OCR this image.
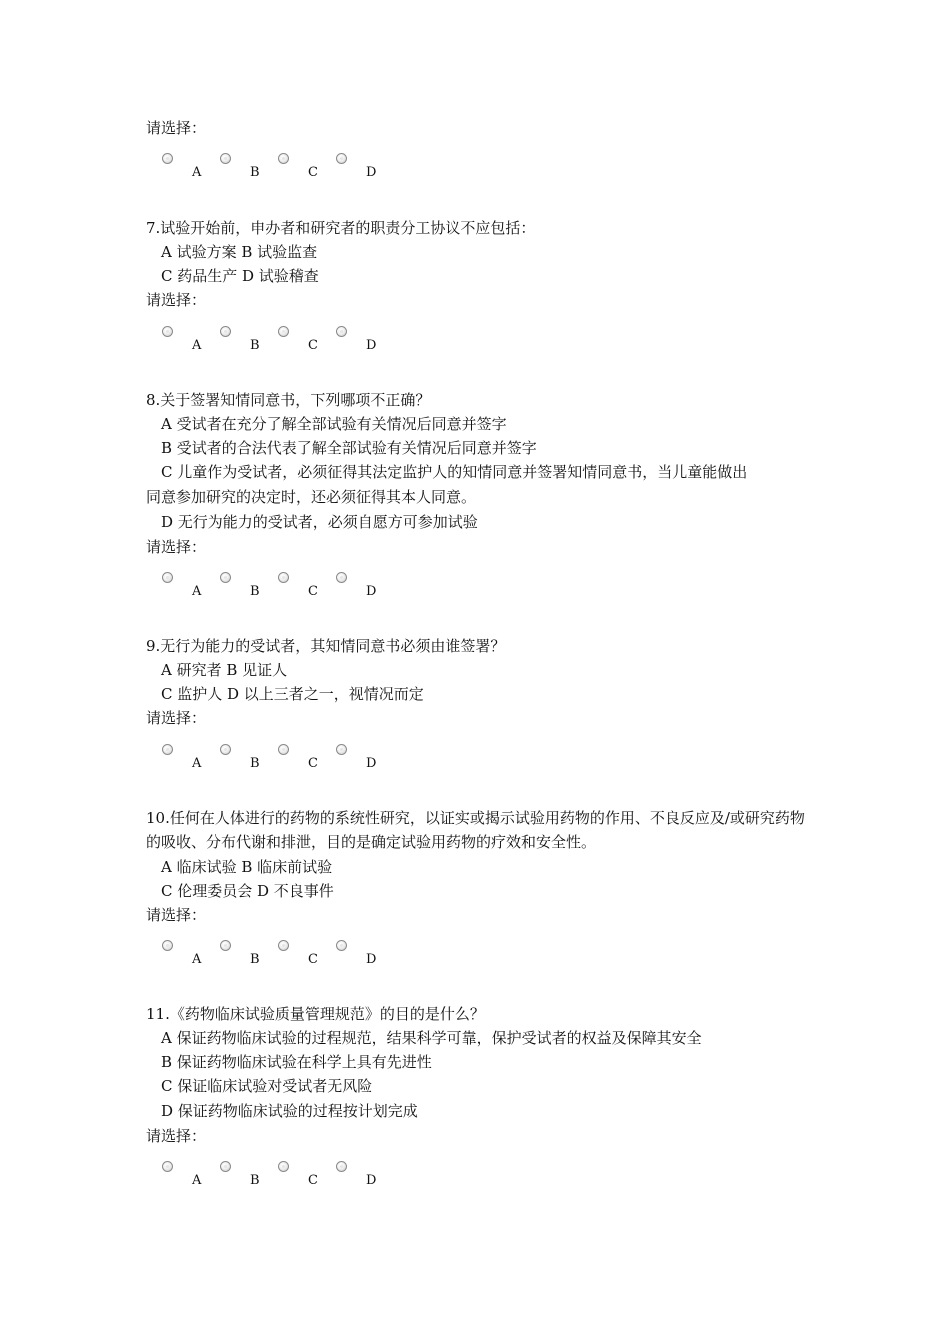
请选择：
A	B	C	D
7.试验开始前，申办者和研究者的职责分工协议不应包括：
A 试验方案 B 试验监查
C 药品生产 D 试验稽查
请选择：
A	B	C	D
8.关于签署知情同意书，下列哪项不正确？
A 受试者在充分了解全部试验有关情况后同意并签字
B 受试者的合法代表了解全部试验有关情况后同意并签字
C 儿童作为受试者，必须征得其法定监护人的知情同意并签署知情同意书，当儿童能做出
同意参加研究的决定时，还必须征得其本人同意。
D 无行为能力的受试者，必须自愿方可参加试验
请选择：
A	B	C	D
9.无行为能力的受试者，其知情同意书必须由谁签署？
A 研究者 B 见证人
C 监护人 D 以上三者之一，视情况而定
请选择：
A	B	C	D
10.任何在人体进行的药物的系统性研究，以证实或揭示试验用药物的作用、不良反应及/或研究药物的吸收、分布代谢和排泄，目的是确定试验用药物的疗效和安全性。
A 临床试验 B 临床前试验
C 伦理委员会 D 不良事件
请选择：
A	B	C	D
11.《药物临床试验质量管理规范》的目的是什么？
A 保证药物临床试验的过程规范，结果科学可靠，保护受试者的权益及保障其安全
B 保证药物临床试验在科学上具有先进性
C 保证临床试验对受试者无风险
D 保证药物临床试验的过程按计划完成
请选择：
A	B	C	D
